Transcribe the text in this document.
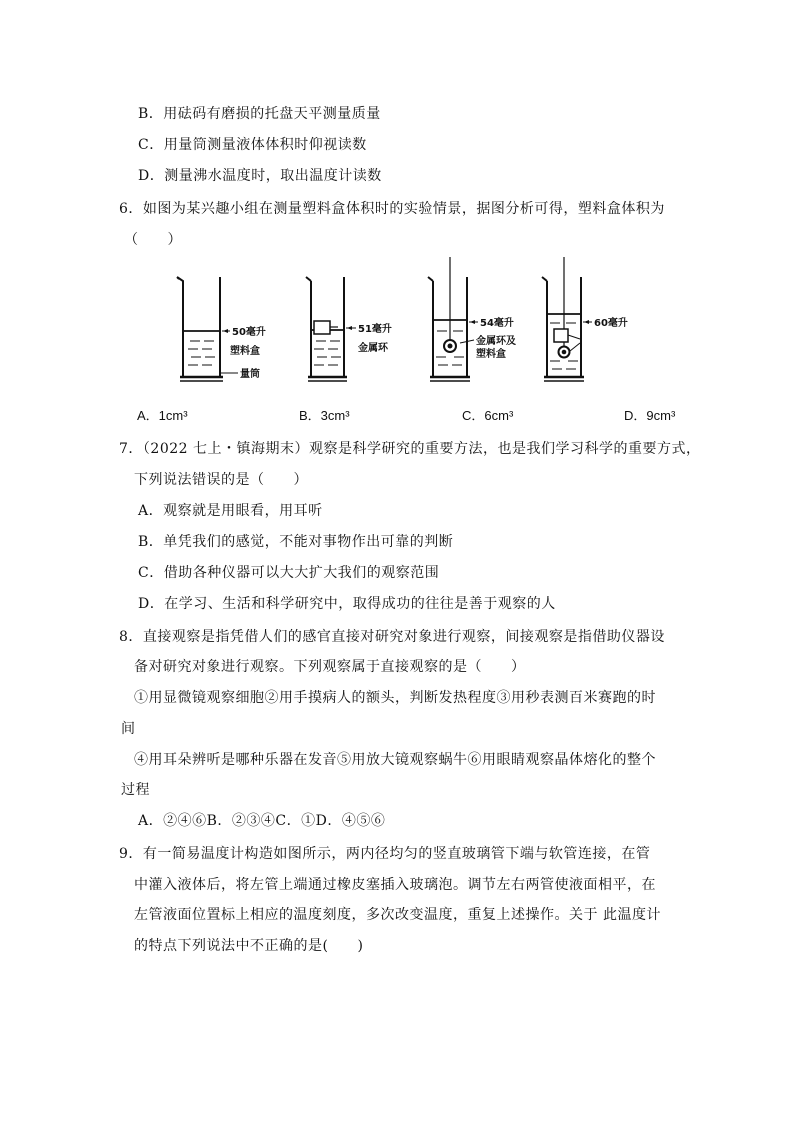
B．用砝码有磨损的托盘天平测量质量
C．用量筒测量液体体积时仰视读数
D．测量沸水温度时，取出温度计读数
6．如图为某兴趣小组在测量塑料盒体积时的实验情景，据图分析可得，塑料盒体积为
（　　）
50毫升
塑料盒
量筒
51毫升
金属环
54毫升
金属环及
塑料盒
60毫升
A．1cm³	B．3cm³	C．6cm³	D．9cm³
7．（2022 七上・镇海期末）观察是科学研究的重要方法，也是我们学习科学的重要方式，
下列说法错误的是（　　）
A．观察就是用眼看，用耳听
B．单凭我们的感觉，不能对事物作出可靠的判断
C．借助各种仪器可以大大扩大我们的观察范围
D．在学习、生活和科学研究中，取得成功的往往是善于观察的人
8．直接观察是指凭借人们的感官直接对研究对象进行观察，间接观察是指借助仪器设
备对研究对象进行观察。下列观察属于直接观察的是（　　）
①用显微镜观察细胞②用手摸病人的额头，判断发热程度③用秒表测百米赛跑的时
间
④用耳朵辨听是哪种乐器在发音⑤用放大镜观察蜗牛⑥用眼睛观察晶体熔化的整个
过程
A．②④⑥B．②③④C．①D．④⑤⑥
9．有一简易温度计构造如图所示，两内径均匀的竖直玻璃管下端与软管连接，在管
中灌入液体后，将左管上端通过橡皮塞插入玻璃泡。调节左右两管使液面相平，在
左管液面位置标上相应的温度刻度，多次改变温度，重复上述操作。关于 此温度计
的特点下列说法中不正确的是(　　)
